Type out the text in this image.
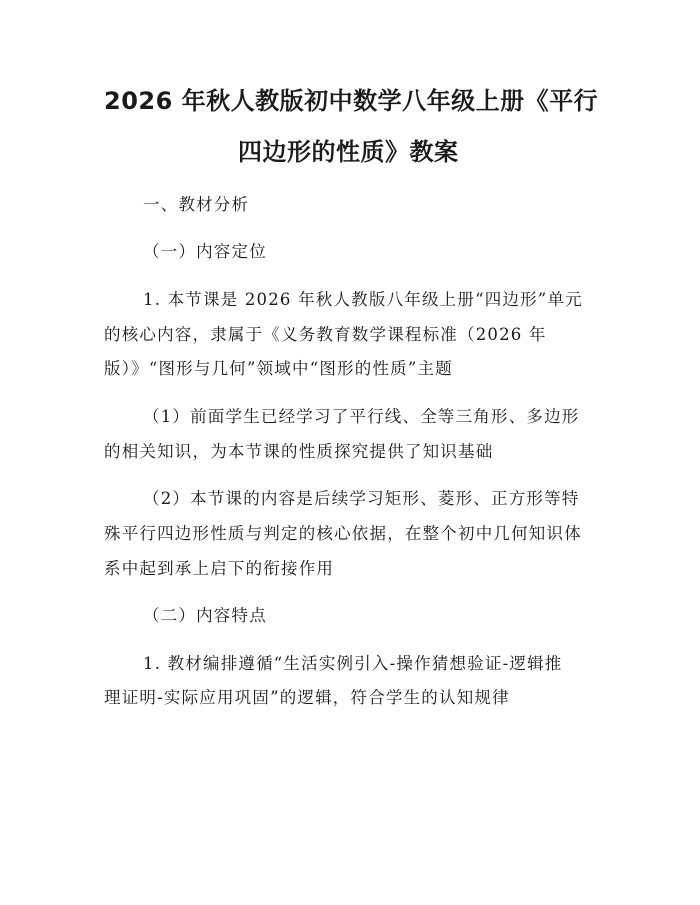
2026 年秋人教版初中数学八年级上册《平行
四边形的性质》教案
一、教材分析
（一）内容定位
1. 本节课是 2026 年秋人教版八年级上册“四边形”单元
的核心内容，隶属于《义务教育数学课程标准（2026 年
版）》“图形与几何”领域中“图形的性质”主题
（1）前面学生已经学习了平行线、全等三角形、多边形
的相关知识，为本节课的性质探究提供了知识基础
（2）本节课的内容是后续学习矩形、菱形、正方形等特
殊平行四边形性质与判定的核心依据，在整个初中几何知识体
系中起到承上启下的衔接作用
（二）内容特点
1. 教材编排遵循“生活实例引入-操作猜想验证-逻辑推
理证明-实际应用巩固”的逻辑，符合学生的认知规律
